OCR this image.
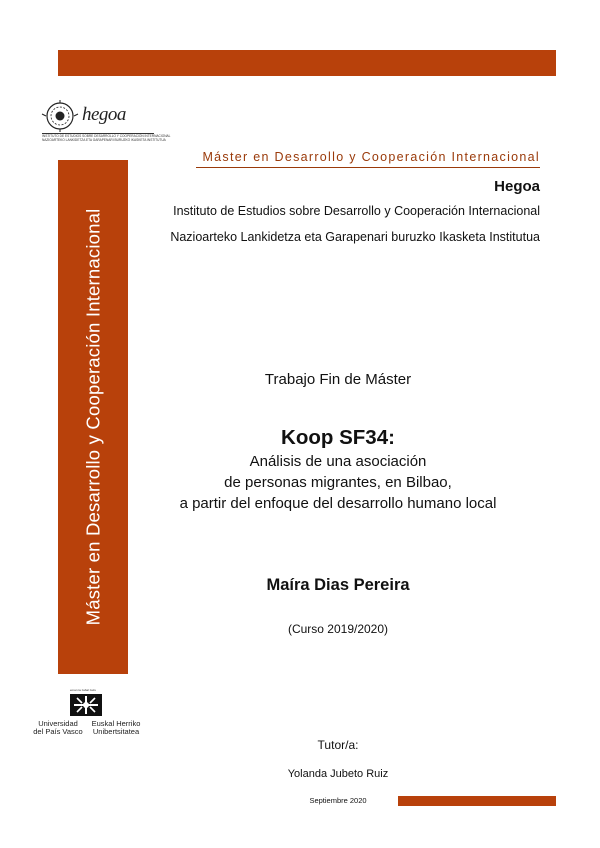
Máster en Desarrollo y Cooperación Internacional
hegoa
INSTITUTO DE ESTUDIOS SOBRE DESARROLLO Y COOPERACIÓN INTERNACIONAL
NAZIOARTEKO LANKIDETZA ETA GARAPENARI BURUZKO IKASKETA INSTITUTUA
Máster en Desarrollo y Cooperación Internacional
Hegoa
Instituto de Estudios sobre Desarrollo y Cooperación Internacional
Nazioarteko Lankidetza eta Garapenari buruzko Ikasketa Institutua
Trabajo Fin de Máster
Koop SF34:
Análisis de una asociación
de personas migrantes, en Bilbao,
a partir del enfoque del desarrollo humano local
Maíra Dias Pereira
(Curso 2019/2020)
Tutor/a:
Yolanda Jubeto Ruiz
Septiembre 2020
eman ta zabal zazu
Universidad
del País Vasco
Euskal Herriko
Unibertsitatea
